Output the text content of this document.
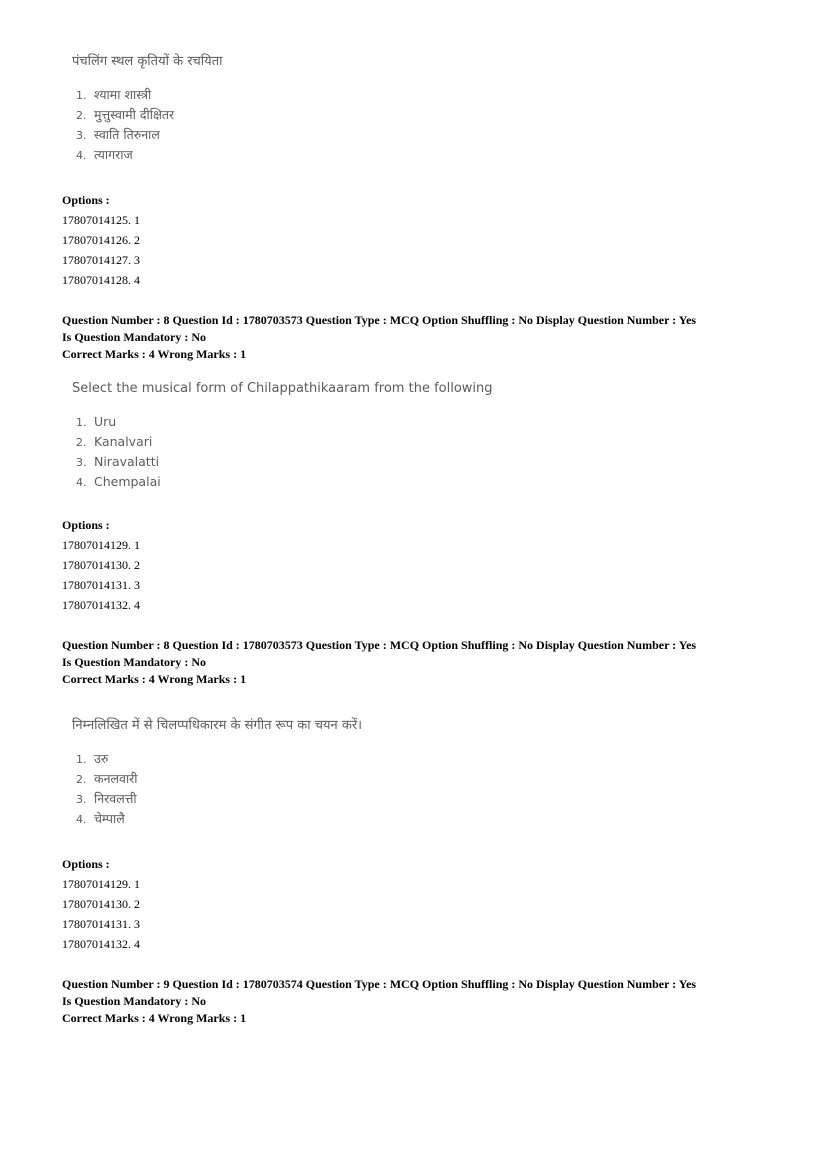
पंचलिंग स्थल कृतियों के रचयिता
1. श्यामा शास्त्री
2. मुत्तुस्वामी दीक्षितर
3. स्वाति तिरुनाल
4. त्यागराज
Options :
17807014125. 1
17807014126. 2
17807014127. 3
17807014128. 4
Question Number : 8 Question Id : 1780703573 Question Type : MCQ Option Shuffling : No Display Question Number : Yes
Is Question Mandatory : No
Correct Marks : 4 Wrong Marks : 1
Select the musical form of Chilappathikaaram from the following
1. Uru
2. Kanalvari
3. Niravalatti
4. Chempalai
Options :
17807014129. 1
17807014130. 2
17807014131. 3
17807014132. 4
Question Number : 8 Question Id : 1780703573 Question Type : MCQ Option Shuffling : No Display Question Number : Yes
Is Question Mandatory : No
Correct Marks : 4 Wrong Marks : 1
निम्नलिखित में से चिलप्पधिकारम के संगीत रूप का चयन करें।
1. उरु
2. कनलवारी
3. निरवलत्ती
4. चेम्पालै
Options :
17807014129. 1
17807014130. 2
17807014131. 3
17807014132. 4
Question Number : 9 Question Id : 1780703574 Question Type : MCQ Option Shuffling : No Display Question Number : Yes
Is Question Mandatory : No
Correct Marks : 4 Wrong Marks : 1
